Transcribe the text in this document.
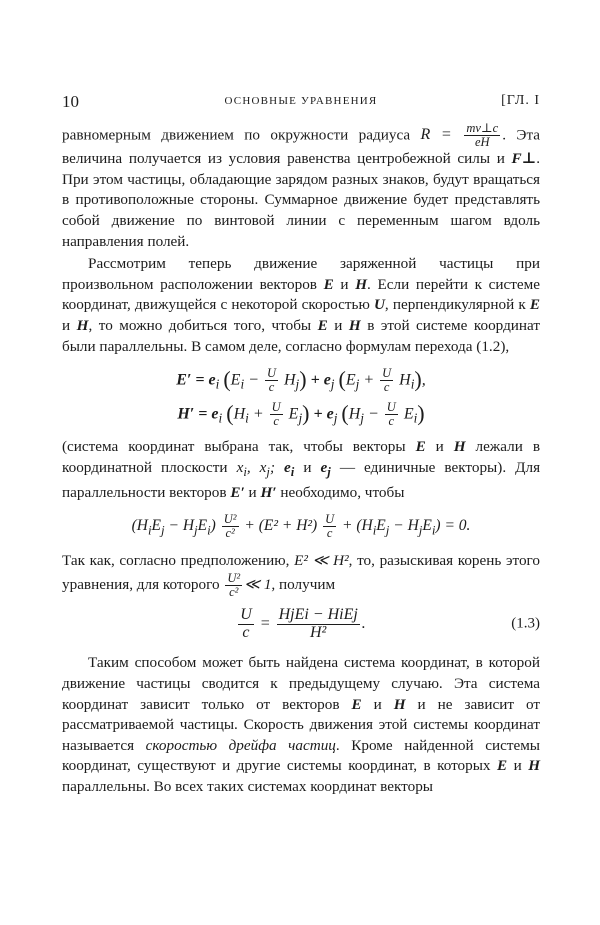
10	ОСНОВНЫЕ УРАВНЕНИЯ	[ГЛ. I

равномерным движением по окружности радиуса $R = \frac{mv\perp c}{eH}$ . Эта величина получается из условия равенства центробежной силы и F⊥. При этом частицы, обладающие зарядом разных знаков, будут вращаться в противоположные стороны. Суммарное движение будет представлять собой движение по винтовой линии с переменным шагом вдоль направления полей.

Рассмотрим теперь движение заряженной частицы при произвольном расположении векторов E и H. Если перейти к системе координат, движущейся с некоторой скоростью U, перпендикулярной к E и H, то можно добиться того, чтобы E и H в этой системе координат были параллельны. В самом деле, согласно формулам перехода (1.2),

$E' = e_i$ $(E_i - \frac{U}{c} H_j) + e_j$ $(E_j + \frac{U}{c} H_i)$,
$H' = e_i$ $(H_i + \frac{U}{c} E_j) + e_j$ $(H_j - \frac{U}{c} E_i)$

(система координат выбрана так, чтобы векторы E и H лежали в координатной плоскости $x_i$, $x_j$; $e_i$ и $e_j$ — единичные векторы). Для параллельности векторов E′ и H′ необходимо, чтобы

$(H_iE_j - H_jE_i) \frac{\text{U²}}{\text{c²}} + (E^2 + H^2) \frac{U}{c} + (H_iE_j - H_jE_i) = 0$.

Так как, согласно предположению, E² ≪ H², то, разыскивая корень этого уравнения, для которого $\frac{\text{U²}}{\text{c²}}$ ≪ 1, получим

$\frac{U}{c} = \frac{\text{HjEi − HiEj}}{\text{H²}}$ .	(1.3)

Таким способом может быть найдена система координат, в которой движение частицы сводится к предыдущему случаю. Эта система координат зависит только от векторов E и H и не зависит от рассматриваемой частицы. Скорость движения этой системы координат называется скоростью дрейфа частиц. Кроме найденной системы координат, существуют и другие системы координат, в которых E и H параллельны. Во всех таких системах координат векторы
